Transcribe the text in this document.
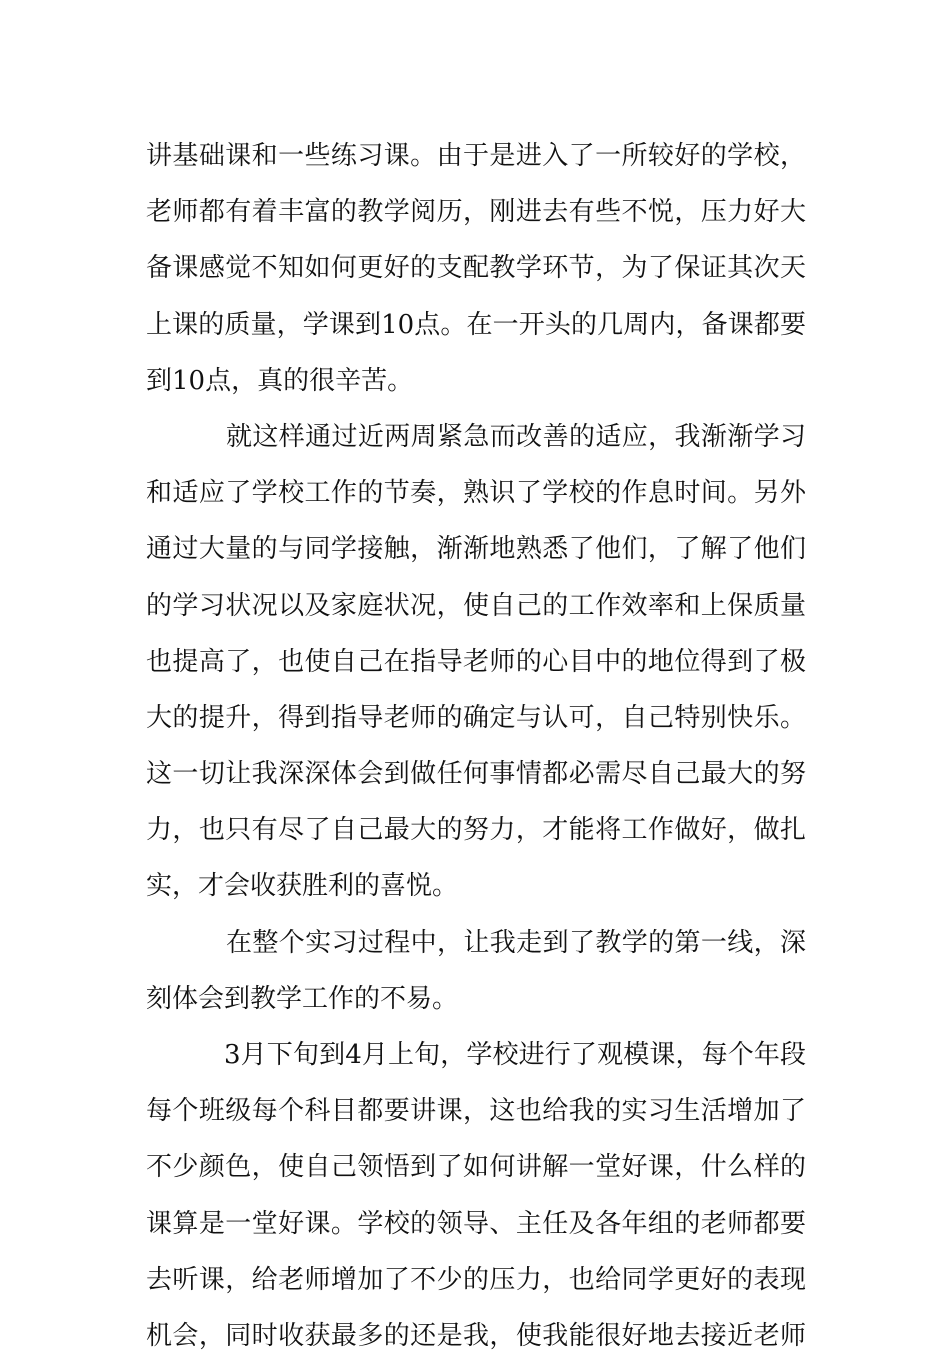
讲基础课和一些练习课。由于是进入了一所较好的学校，
老师都有着丰富的教学阅历，刚进去有些不悦，压力好大
备课感觉不知如何更好的支配教学环节，为了保证其次天
上课的质量，学课到10点。在一开头的几周内，备课都要
到10点，真的很辛苦。
就这样通过近两周紧急而改善的适应，我渐渐学习
和适应了学校工作的节奏，熟识了学校的作息时间。另外
通过大量的与同学接触，渐渐地熟悉了他们，了解了他们
的学习状况以及家庭状况，使自己的工作效率和上保质量
也提高了，也使自己在指导老师的心目中的地位得到了极
大的提升，得到指导老师的确定与认可，自己特别快乐。
这一切让我深深体会到做任何事情都必需尽自己最大的努
力，也只有尽了自己最大的努力，才能将工作做好，做扎
实，才会收获胜利的喜悦。
在整个实习过程中，让我走到了教学的第一线，深
刻体会到教学工作的不易。
3月下旬到4月上旬，学校进行了观模课，每个年段
每个班级每个科目都要讲课，这也给我的实习生活增加了
不少颜色，使自己领悟到了如何讲解一堂好课，什么样的
课算是一堂好课。学校的领导、主任及各年组的老师都要
去听课，给老师增加了不少的压力，也给同学更好的表现
机会，同时收获最多的还是我，使我能很好地去接近老师
